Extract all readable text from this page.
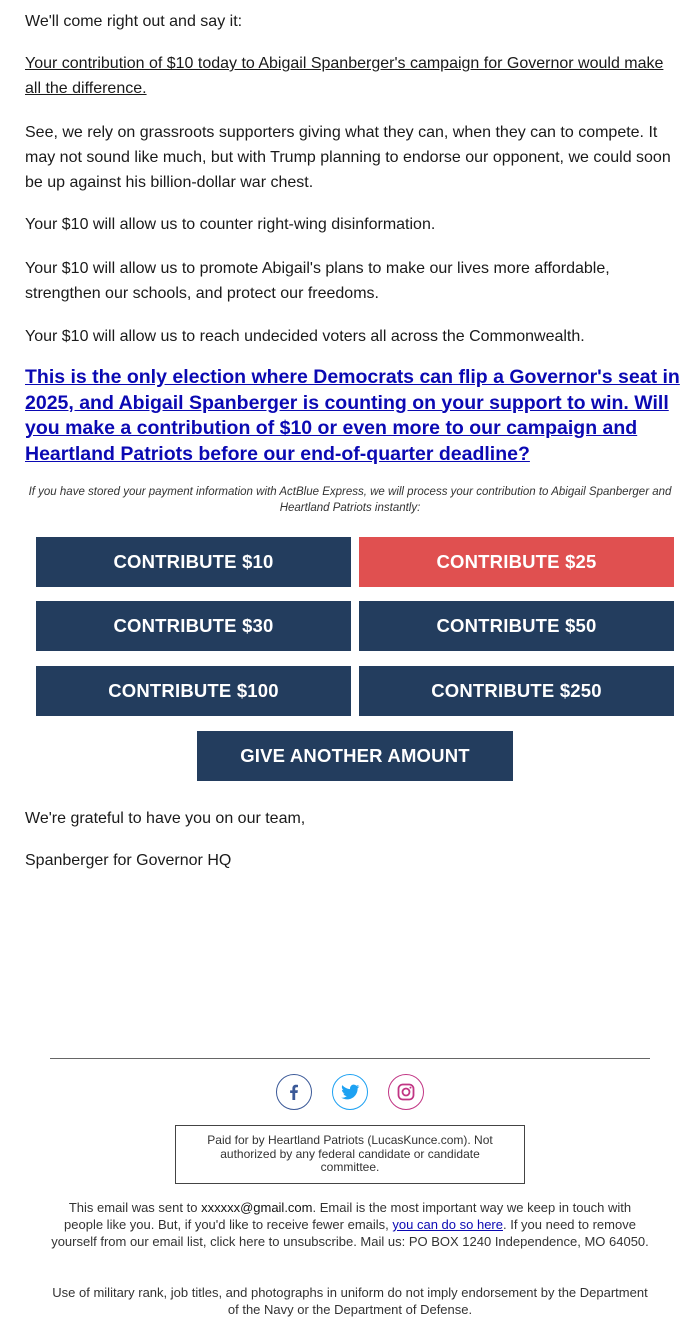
We'll come right out and say it:

Your contribution of $10 today to Abigail Spanberger's campaign for Governor would make all the difference.

See, we rely on grassroots supporters giving what they can, when they can to compete. It may not sound like much, but with Trump planning to endorse our opponent, we could soon be up against his billion-dollar war chest.

Your $10 will allow us to counter right-wing disinformation.

Your $10 will allow us to promote Abigail's plans to make our lives more affordable, strengthen our schools, and protect our freedoms.

Your $10 will allow us to reach undecided voters all across the Commonwealth.

This is the only election where Democrats can flip a Governor's seat in 2025, and Abigail Spanberger is counting on your support to win. Will you make a contribution of $10 or even more to our campaign and Heartland Patriots before our end-of-quarter deadline?
If you have stored your payment information with ActBlue Express, we will process your contribution to Abigail Spanberger and Heartland Patriots instantly:
CONTRIBUTE $10	CONTRIBUTE $25
CONTRIBUTE $30	CONTRIBUTE $50
CONTRIBUTE $100	CONTRIBUTE $250
GIVE ANOTHER AMOUNT

We're grateful to have you on our team,

Spanberger for Governor HQ

Paid for by Heartland Patriots (LucasKunce.com). Not authorized by any federal candidate or candidate committee.
This email was sent to xxxxxx@gmail.com. Email is the most important way we keep in touch with people like you. But, if you'd like to receive fewer emails, you can do so here. If you need to remove yourself from our email list, click here to unsubscribe. Mail us: PO BOX 1240 Independence, MO 64050.
Use of military rank, job titles, and photographs in uniform do not imply endorsement by the Department of the Navy or the Department of Defense.
